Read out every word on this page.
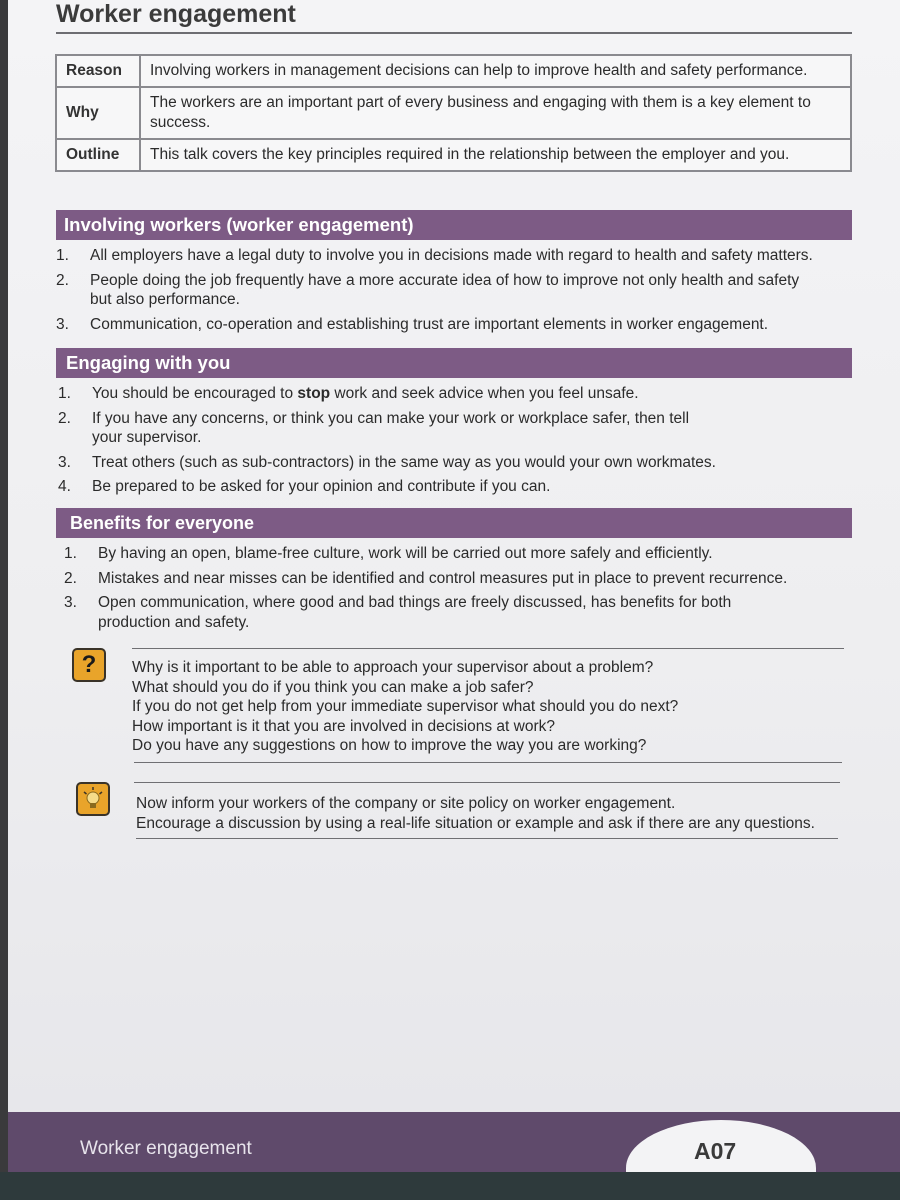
Worker engagement
Reason	Involving workers in management decisions can help to improve health and safety performance.
Why	The workers are an important part of every business and engaging with them is a key element to success.
Outline	This talk covers the key principles required in the relationship between the employer and you.
Involving workers (worker engagement)
1. All employers have a legal duty to involve you in decisions made with regard to health and safety matters.
2. People doing the job frequently have a more accurate idea of how to improve not only health and safety but also performance.
3. Communication, co-operation and establishing trust are important elements in worker engagement.
Engaging with you
1. You should be encouraged to stop work and seek advice when you feel unsafe.
2. If you have any concerns, or think you can make your work or workplace safer, then tell your supervisor.
3. Treat others (such as sub-contractors) in the same way as you would your own workmates.
4. Be prepared to be asked for your opinion and contribute if you can.
Benefits for everyone
1. By having an open, blame-free culture, work will be carried out more safely and efficiently.
2. Mistakes and near misses can be identified and control measures put in place to prevent recurrence.
3. Open communication, where good and bad things are freely discussed, has benefits for both production and safety.
?	Why is it important to be able to approach your supervisor about a problem?
What should you do if you think you can make a job safer?
If you do not get help from your immediate supervisor what should you do next?
How important is it that you are involved in decisions at work?
Do you have any suggestions on how to improve the way you are working?
Now inform your workers of the company or site policy on worker engagement.
Encourage a discussion by using a real-life situation or example and ask if there are any questions.
Worker engagement	A07
